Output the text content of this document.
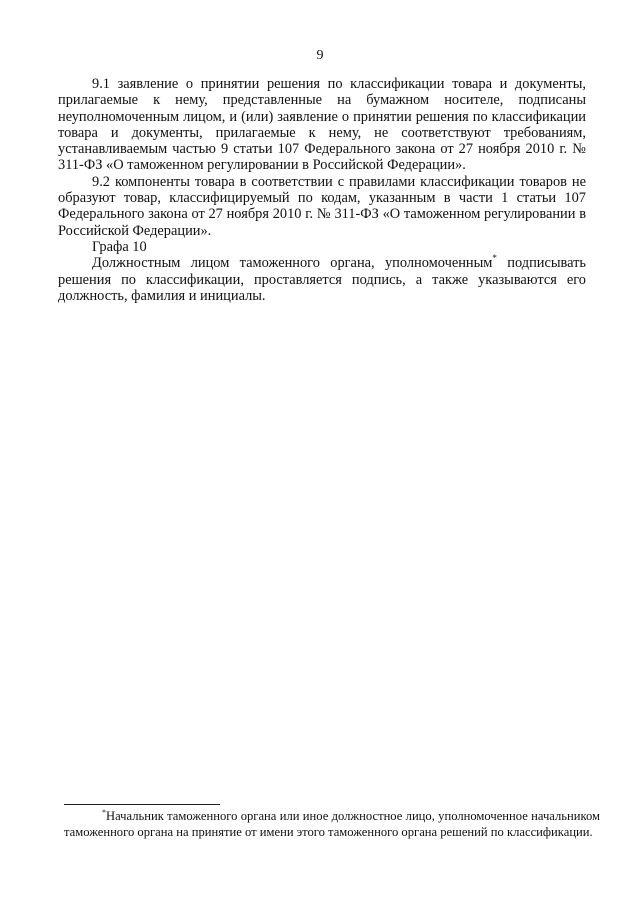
9

9.1 заявление о принятии решения по классификации товара и документы, прилагаемые к нему, представленные на бумажном носителе, подписаны неуполномоченным лицом, и (или) заявление о принятии решения по классификации товара и документы, прилагаемые к нему, не соответствуют требованиям, устанавливаемым частью 9 статьи 107 Федерального закона от 27 ноября 2010 г. № 311-ФЗ «О таможенном регулировании в Российской Федерации».

9.2 компоненты товара в соответствии с правилами классификации товаров не образуют товар, классифицируемый по кодам, указанным в части 1 статьи 107 Федерального закона от 27 ноября 2010 г. № 311-ФЗ «О таможенном регулировании в Российской Федерации».

Графа 10

Должностным лицом таможенного органа, уполномоченным* подписывать решения по классификации, проставляется подпись, а также указываются его должность, фамилия и инициалы.

*Начальник таможенного органа или иное должностное лицо, уполномоченное начальником таможенного органа на принятие от имени этого таможенного органа решений по классификации.
